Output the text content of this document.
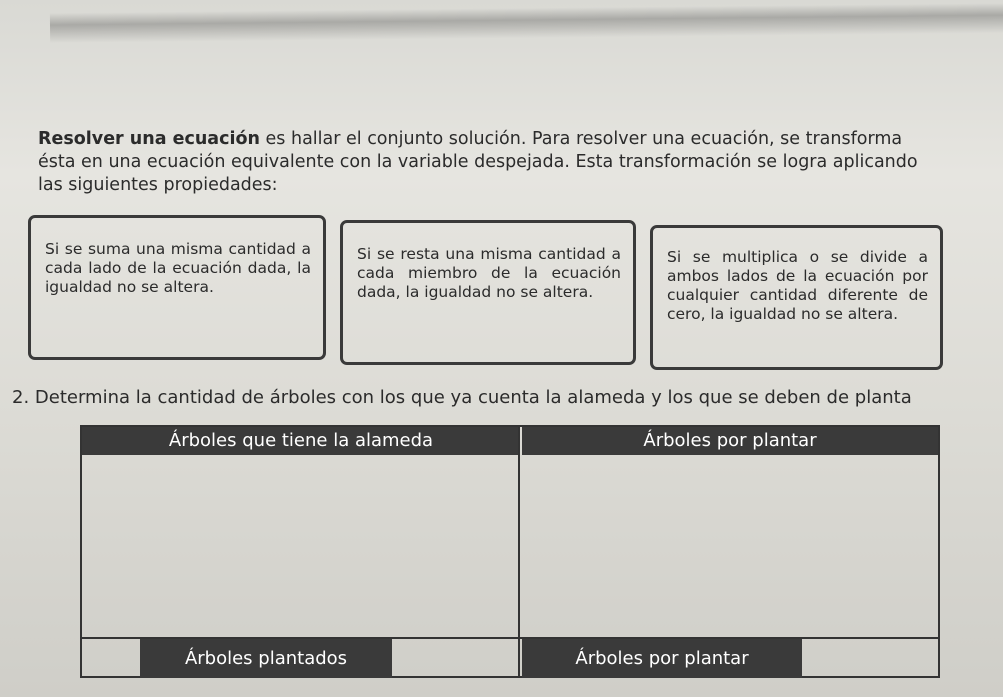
Resolver una ecuación es hallar el conjunto solución. Para resolver una ecuación, se transforma
ésta en una ecuación equivalente con la variable despejada. Esta transformación se logra aplicando
las siguientes propiedades:
Si se suma una misma cantidad a cada lado de la ecuación dada, la igualdad no se altera.
Si se resta una misma cantidad a cada miembro de la ecuación dada, la igualdad no se altera.
Si se multiplica o se divide a ambos lados de la ecuación por cualquier cantidad diferente de cero, la igualdad no se altera.
2. Determina la cantidad de árboles con los que ya cuenta la alameda y los que se deben de planta
Árboles que tiene la alameda	Árboles por plantar
Árboles plantados	Árboles por plantar
